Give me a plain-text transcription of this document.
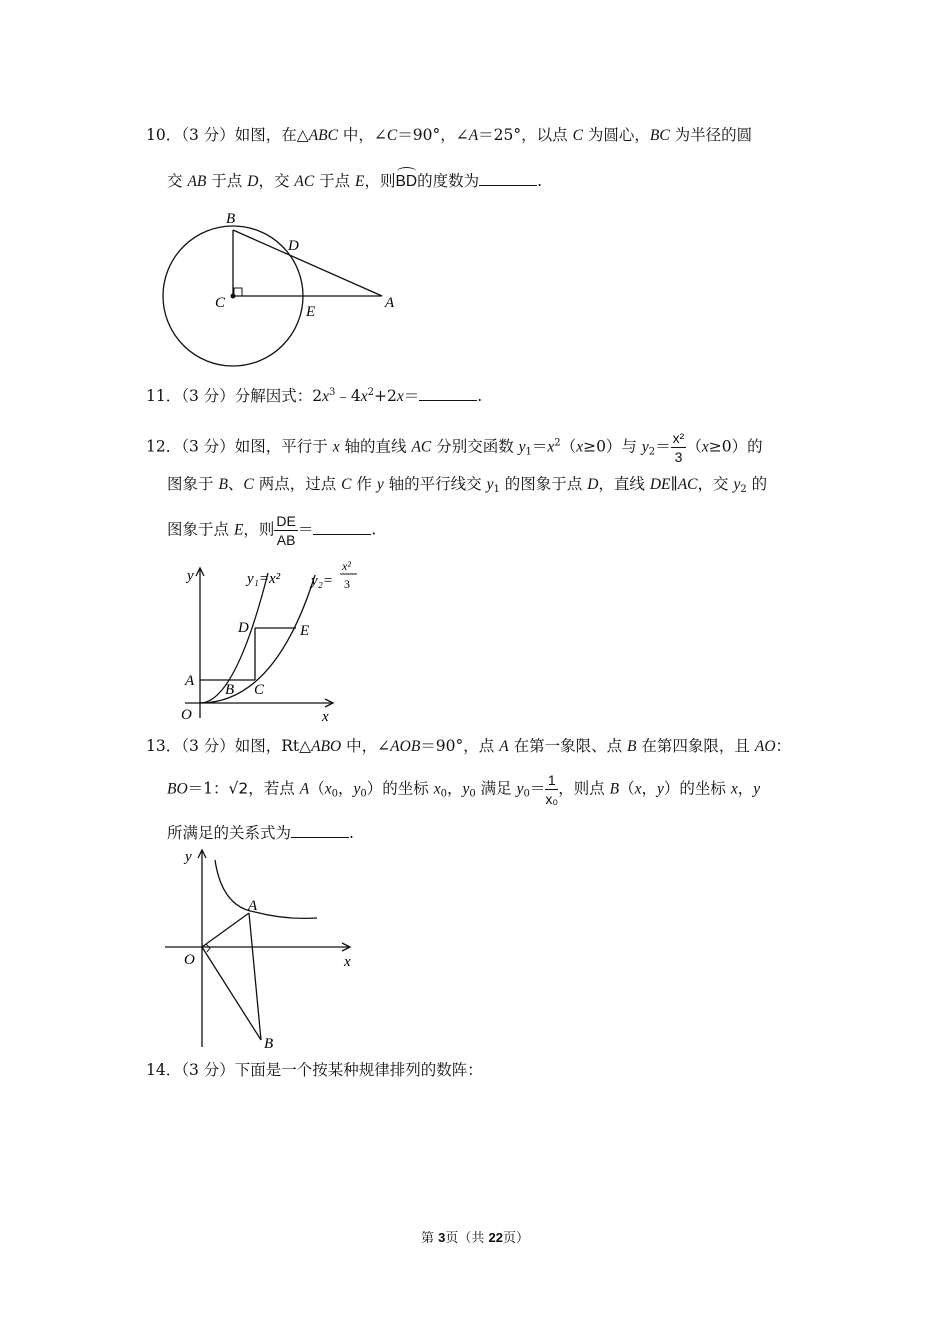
10．（3 分）如图，在△ABC 中，∠C＝90°，∠A＝25°，以点 C 为圆心，BC 为半径的圆
交 AB 于点 D，交 AC 于点 E，则BD的度数为	.
B
D
C
E
A
11．（3 分）分解因式：$2x^3﹣4x^2+2x=$	.
12．（3 分）如图，平行于 x 轴的直线 AC 分别交函数 $y_1=x^2(x\ge 0)$与 $y_2= \frac{\text{x²}}{3} (x\ge 0)$的
图象于 B、C 两点，过点 C 作 y 轴的平行线交 $y_1$ 的图象于点 D，直线 DE∥AC，交 $y_2$ 的
图象于点 E，则 $\frac{DE}{AB}$ ＝	.
y
x
O
A
B C
D	E
y₁=x² y₂=
x²
3
13．（3 分）如图，Rt△ABO 中，∠AOB＝90°，点 A 在第一象限、点 B 在第四象限，且 AO：
BO＝1：√2，若点 $A(x_0$，$y_0$）的坐标 $x_0$，$y_0$ 满足 $y_0= \frac{1}{\text{x₀}}$ ，则点 B（x，y）的坐标 x，y
所满足的关系式为	.
y
x
O
A
B
14．（3 分）下面是一个按某种规律排列的数阵：
第 3页（共 22页）
